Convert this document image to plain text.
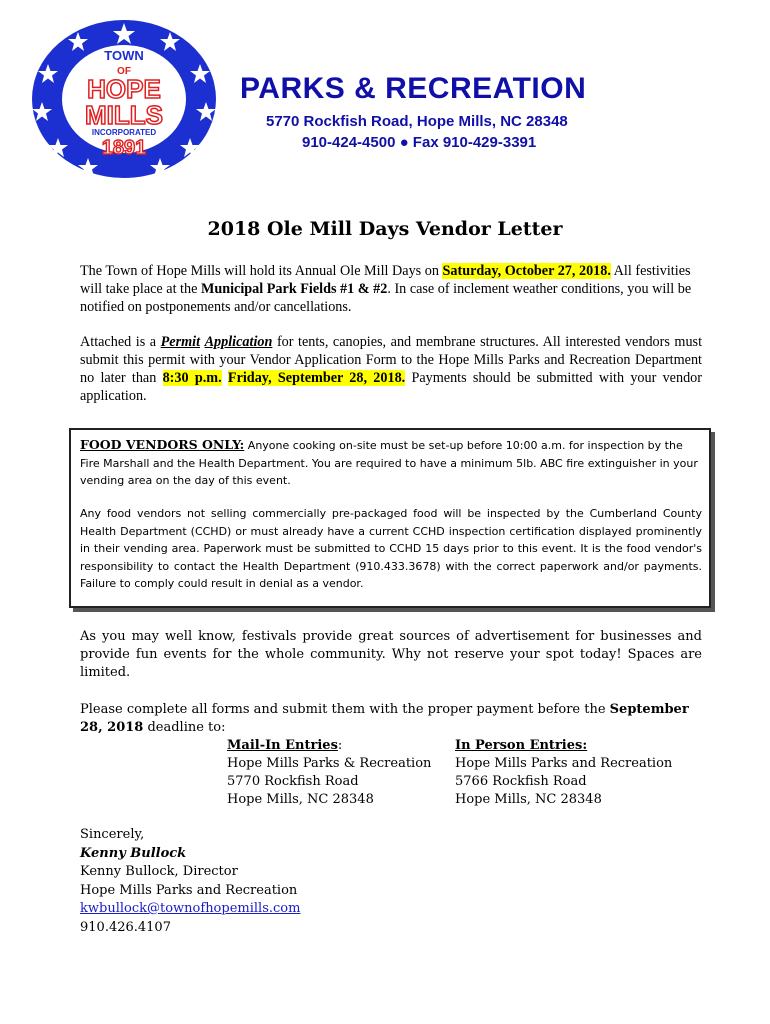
TOWN
OF
HOPE
MILLS
INCORPORATED
1891
PARKS & RECREATION
5770 Rockfish Road, Hope Mills, NC 28348
910-424-4500 ● Fax 910-429-3391
2018 Ole Mill Days Vendor Letter
The Town of Hope Mills will hold its Annual Ole Mill Days on Saturday, October 27, 2018. All festivities will take place at the Municipal Park Fields #1 & #2. In case of inclement weather conditions, you will be notified on postponements and/or cancellations.
Attached is a Permit Application for tents, canopies, and membrane structures. All interested vendors must submit this permit with your Vendor Application Form to the Hope Mills Parks and Recreation Department no later than 8:30 p.m. Friday, September 28, 2018. Payments should be submitted with your vendor application.
FOOD VENDORS ONLY: Anyone cooking on-site must be set-up before 10:00 a.m. for inspection by the Fire Marshall and the Health Department. You are required to have a minimum 5lb. ABC fire extinguisher in your vending area on the day of this event.
Any food vendors not selling commercially pre-packaged food will be inspected by the Cumberland County Health Department (CCHD) or must already have a current CCHD inspection certification displayed prominently in their vending area. Paperwork must be submitted to CCHD 15 days prior to this event. It is the food vendor's responsibility to contact the Health Department (910.433.3678) with the correct paperwork and/or payments. Failure to comply could result in denial as a vendor.
As you may well know, festivals provide great sources of advertisement for businesses and provide fun events for the whole community. Why not reserve your spot today! Spaces are limited.
Please complete all forms and submit them with the proper payment before the September 28, 2018 deadline to:
Mail-In Entries:
Hope Mills Parks & Recreation
5770 Rockfish Road
Hope Mills, NC 28348
In Person Entries:
Hope Mills Parks and Recreation
5766 Rockfish Road
Hope Mills, NC 28348
Sincerely,
Kenny Bullock
Kenny Bullock, Director
Hope Mills Parks and Recreation
kwbullock@townofhopemills.com
910.426.4107
